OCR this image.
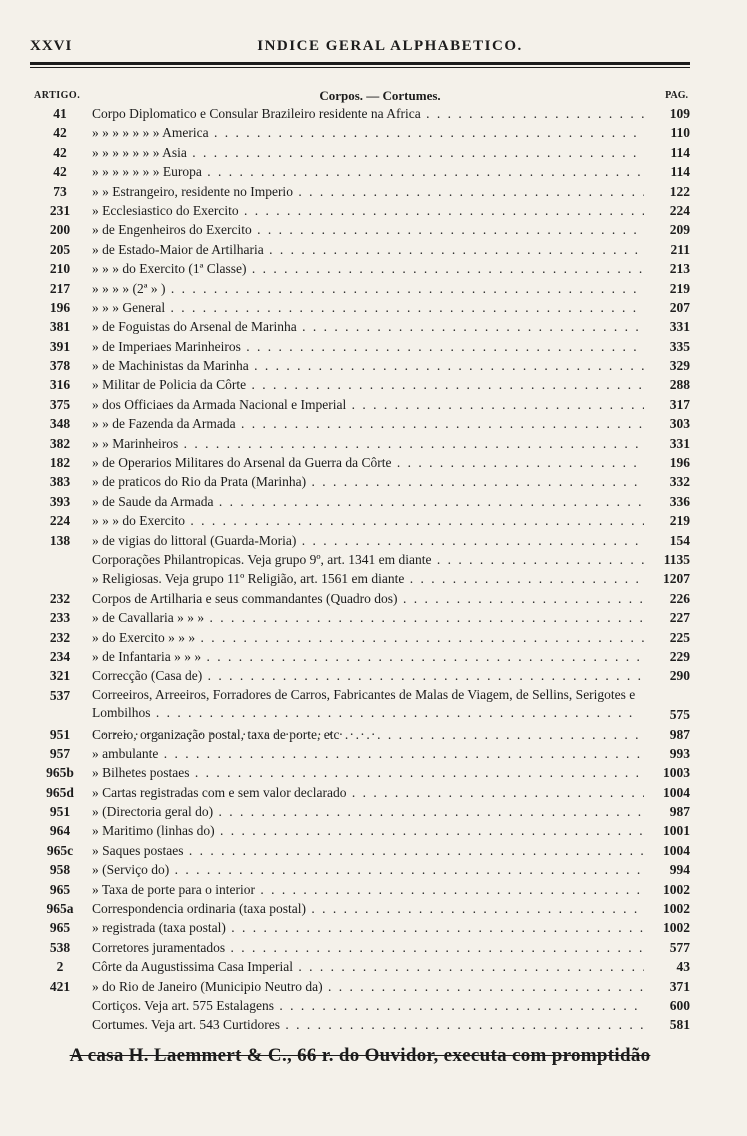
XXVI	INDICE GERAL ALPHABETICO.
ARTIGO.	Corpos. — Cortumes.	PAG.
41	Corpo Diplomatico e Consular Brazileiro residente na Africa . . .	109
42	» » » » » » » America . . .	110
42	» » » » » » » Asia . . .	114
42	» » » » » » » Europa . . .	114
73	» » Estrangeiro, residente no Imperio . . .	122
231	» Ecclesiastico do Exercito . . .	224
200	» de Engenheiros do Exercito . . .	209
205	» de Estado-Maior de Artilharia . . .	211
210	» » » do Exercito (1ª Classe) . . .	213
217	» » » » (2ª » ) . . .	219
196	» » » General . . .	207
381	» de Foguistas do Arsenal de Marinha . . .	331
391	» de Imperiaes Marinheiros . . .	335
378	» de Machinistas da Marinha . . .	329
316	» Militar de Policia da Côrte . . .	288
375	» dos Officiaes da Armada Nacional e Imperial . . .	317
348	» » de Fazenda da Armada . . .	303
382	» » Marinheiros . . .	331
182	» de Operarios Militares do Arsenal da Guerra da Côrte . . .	196
383	» de praticos do Rio da Prata (Marinha) . . .	332
393	» de Saude da Armada . . .	336
224	» » » do Exercito . . .	219
138	» de vigias do littoral (Guarda-Moria) . . .	154
Corporações Philantropicas. Veja grupo 9º, art. 1341 em diante . . .	1135
» Religiosas. Veja grupo 11º Religião, art. 1561 em diante . . .	1207
232	Corpos de Artilharia e seus commandantes (Quadro dos) . . .	226
233	» de Cavallaria » » » . . .	227
232	» do Exercito » » » . . .	225
234	» de Infantaria » » » . . .	229
321	Correcção (Casa de) . . .	290
537	Correeiros, Arreeiros, Forradores de Carros, Fabricantes de Malas de Viagem, de Sellins, Serigotes e Lombilhos . . .	575
951	Correio, organização postal, taxa de porte, etc . . .	987
957	» ambulante . . .	993
965b	» Bilhetes postaes . . .	1003
965d	» Cartas registradas com e sem valor declarado . . .	1004
951	» (Directoria geral do) . . .	987
964	» Maritimo (linhas do) . . .	1001
965c	» Saques postaes . . .	1004
958	» (Serviço do) . . .	994
965	» Taxa de porte para o interior . . .	1002
965a	Correspondencia ordinaria (taxa postal) . . .	1002
965	» registrada (taxa postal) . . .	1002
538	Corretores juramentados . . .	577
2	Côrte da Augustissima Casa Imperial . . .	43
421	» do Rio de Janeiro (Municipio Neutro da) . . .	371
Cortiços. Veja art. 575 Estalagens . . .	600
Cortumes. Veja art. 543 Curtidores . . .	581
A casa H. Laemmert & C., 66 r. do Ouvidor, executa com promptidão
